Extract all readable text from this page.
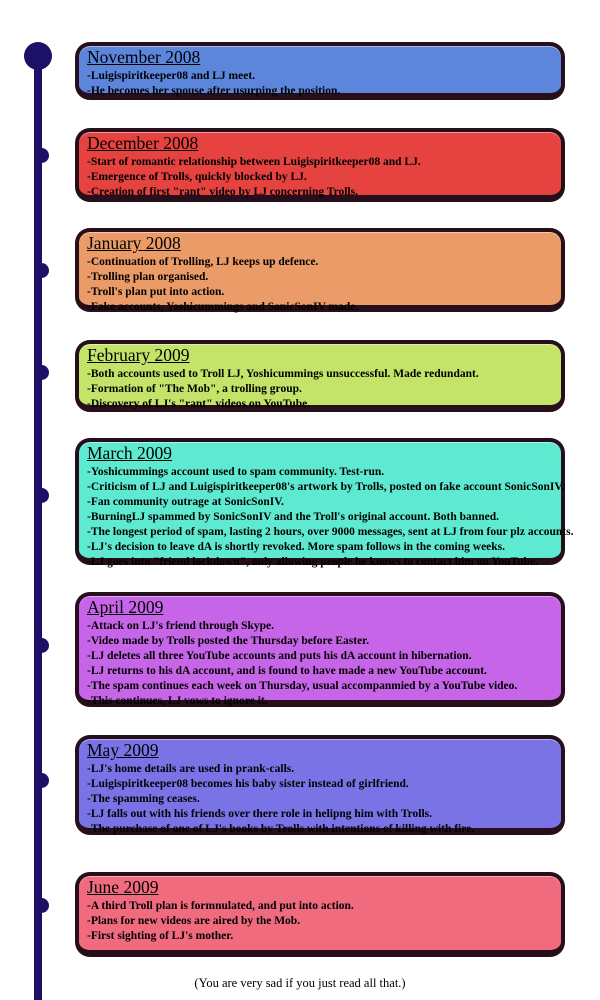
November 2008
-Luigispiritkeeper08 and LJ meet.
-He becomes her spouse after usurping the position.
December 2008
-Start of romantic relationship between Luigispiritkeeper08 and LJ.
-Emergence of Trolls, quickly blocked by LJ.
-Creation of first "rant" video by LJ concerning Trolls.
January 2008
-Continuation of Trolling, LJ keeps up defence.
-Trolling plan organised.
-Troll's plan put into action.
-Fake accounts, Yoshicummings and SonicSonIV made.
February 2009
-Both accounts used to Troll LJ, Yoshicummings unsuccessful. Made redundant.
-Formation of "The Mob", a trolling group.
-Discovery of LJ's "rant" videos on YouTube.
March 2009
-Yoshicummings account used to spam community. Test-run.
-Criticism of LJ and Luigispiritkeeper08's artwork by Trolls, posted on fake account SonicSonIV.
-Fan community outrage at SonicSonIV.
-BurningLJ spammed by SonicSonIV and the Troll's original account. Both banned.
-The longest period of spam, lasting 2 hours, over 9000 messages, sent at LJ from four plz accounts.
-LJ's decision to leave dA is shortly revoked. More spam follows in the coming weeks.
-LJ goes into "friend lockdown", only allowing people he knows to contact him on YouTube.
April 2009
-Attack on LJ's friend through Skype.
-Video made by Trolls posted the Thursday before Easter.
-LJ deletes all three YouTube accounts and puts his dA account in hibernation.
-LJ returns to his dA account, and is found to have made a new YouTube account.
-The spam continues each week on Thursday, usual accompanmied by a YouTube video.
-This continues, LJ vows to ignore it.
May 2009
-LJ's home details are used in prank-calls.
-Luigispiritkeeper08 becomes his baby sister instead of girlfriend.
-The spamming ceases.
-LJ falls out with his friends over there role in helipng him with Trolls.
-The purchase of one of LJ's books by Trolls with intentions of killing with fire.
June 2009
-A third Troll plan is formnulated, and put into action.
-Plans for new videos are aired by the Mob.
-First sighting of LJ's mother.
(You are very sad if you just read all that.)
